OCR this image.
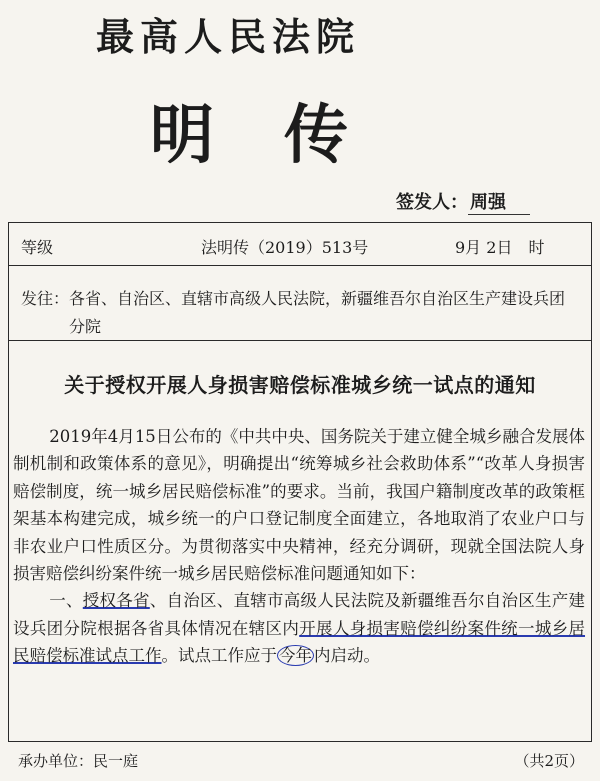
最高人民法院
明传
签发人： 周强
等级	法明传（2019）513号	9月 2日　时
发往： 各省、自治区、直辖市高级人民法院，新疆维吾尔自治区生产建设兵团分院
关于授权开展人身损害赔偿标准城乡统一试点的通知

2019年4月15日公布的《中共中央、国务院关于建立健全城乡融合发展体制机制和政策体系的意见》，明确提出“统筹城乡社会救助体系”“改革人身损害赔偿制度，统一城乡居民赔偿标准”的要求。当前，我国户籍制度改革的政策框架基本构建完成，城乡统一的户口登记制度全面建立，各地取消了农业户口与非农业户口性质区分。为贯彻落实中央精神，经充分调研，现就全国法院人身损害赔偿纠纷案件统一城乡居民赔偿标准问题通知如下：

一、授权各省、自治区、直辖市高级人民法院及新疆维吾尔自治区生产建设兵团分院根据各省具体情况在辖区内开展人身损害赔偿纠纷案件统一城乡居民赔偿标准试点工作。试点工作应于 今年 内启动。

承办单位：民一庭	（共2页）
